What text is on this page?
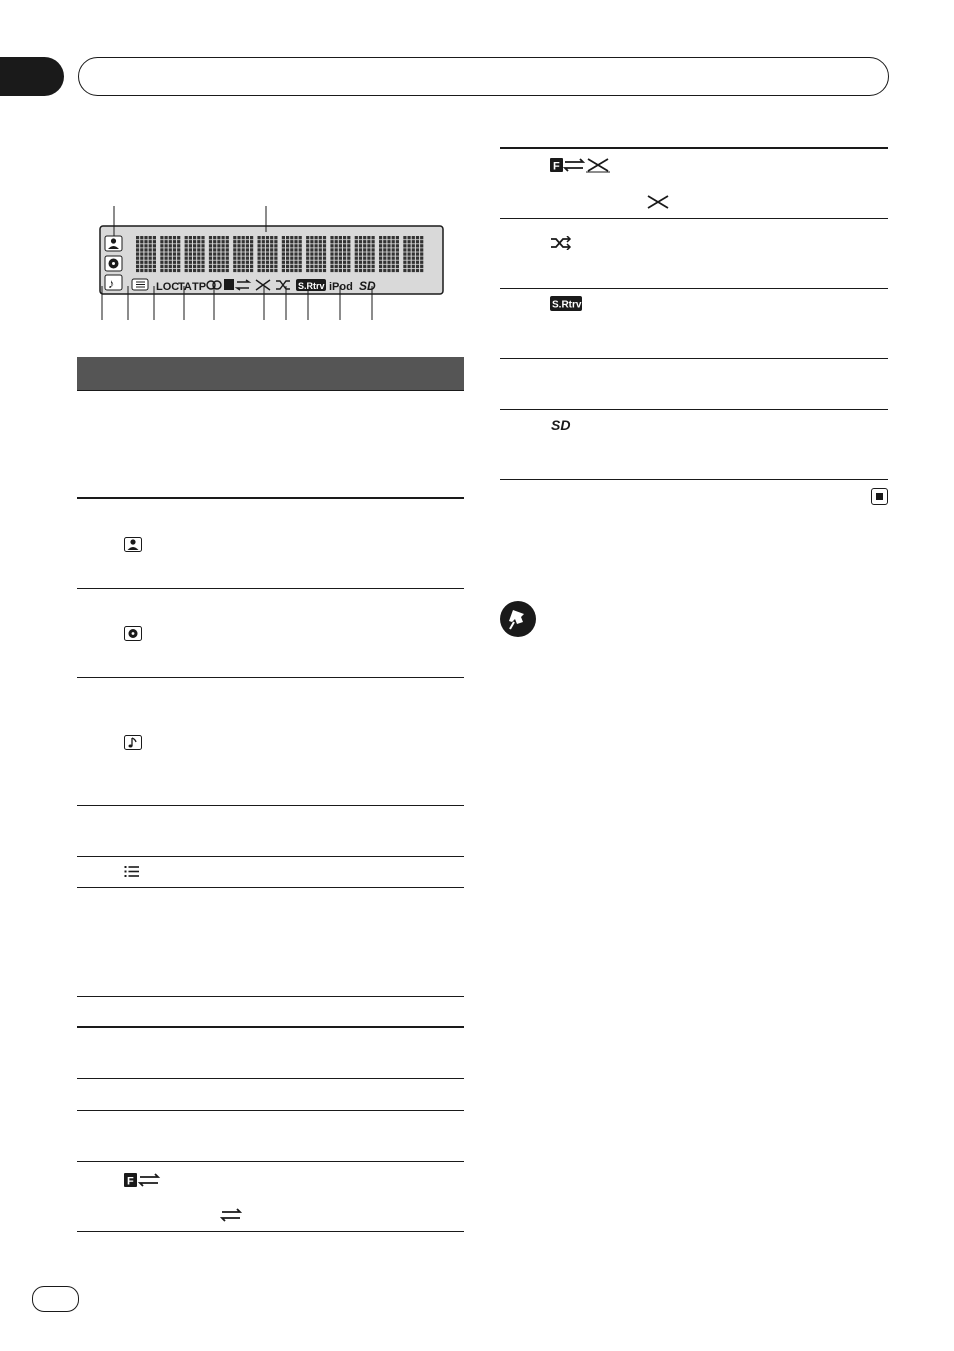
♪	LOC
TA TP	S.Rtrv iPod SD
F
F
S.Rtrv
SD
